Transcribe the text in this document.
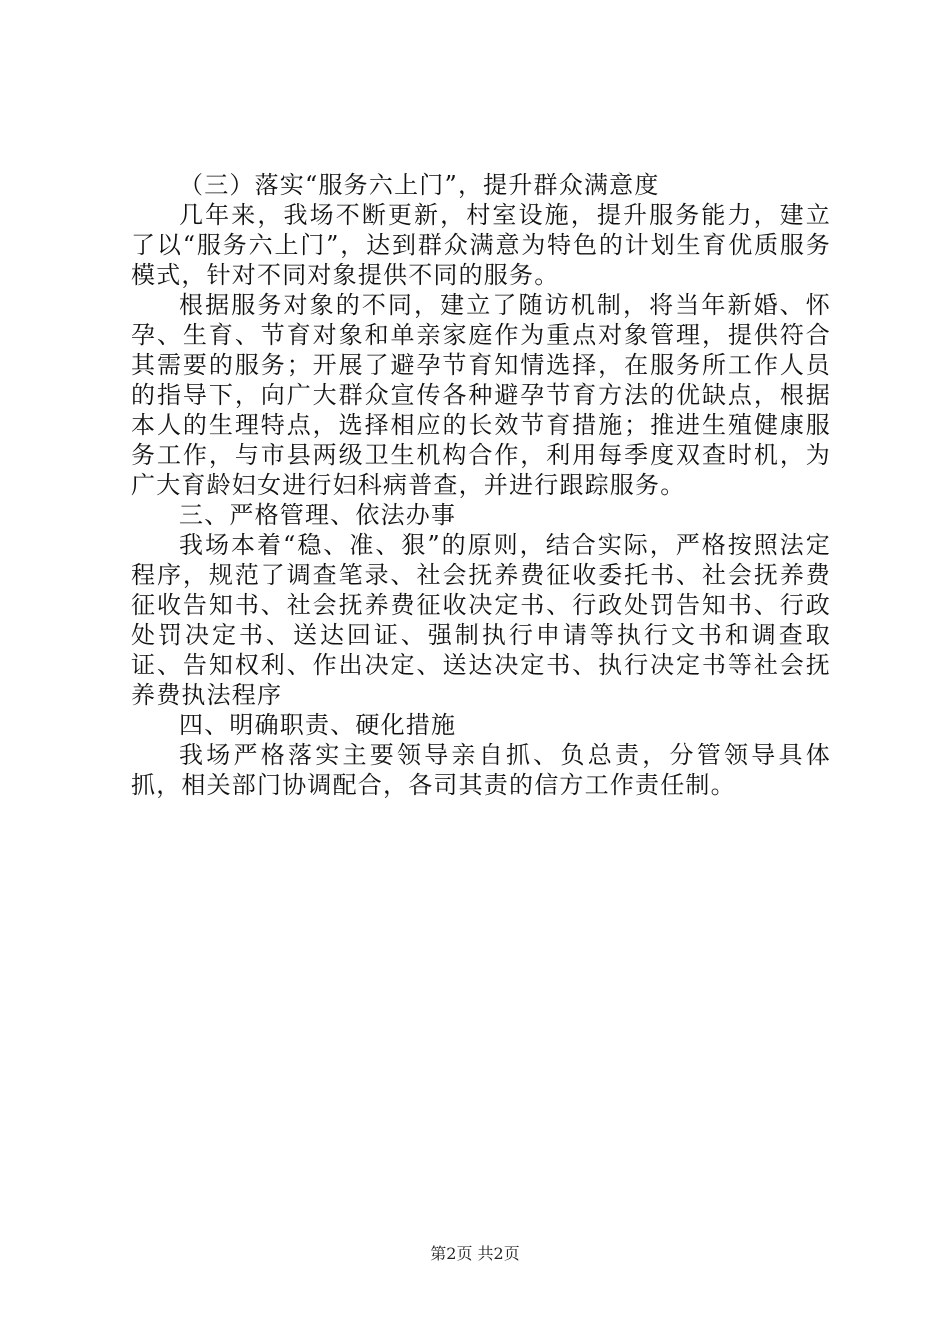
（三）落实“服务六上门”，提升群众满意度

几年来，我场不断更新，村室设施，提升服务能力，建立了以“服务六上门”，达到群众满意为特色的计划生育优质服务模式，针对不同对象提供不同的服务。

根据服务对象的不同，建立了随访机制，将当年新婚、怀孕、生育、节育对象和单亲家庭作为重点对象管理，提供符合其需要的服务；开展了避孕节育知情选择，在服务所工作人员的指导下，向广大群众宣传各种避孕节育方法的优缺点，根据本人的生理特点，选择相应的长效节育措施；推进生殖健康服务工作，与市县两级卫生机构合作，利用每季度双查时机，为广大育龄妇女进行妇科病普查，并进行跟踪服务。

三、严格管理、依法办事

我场本着“稳、准、狠”的原则，结合实际，严格按照法定程序，规范了调查笔录、社会抚养费征收委托书、社会抚养费征收告知书、社会抚养费征收决定书、行政处罚告知书、行政处罚决定书、送达回证、强制执行申请等执行文书和调查取证、告知权利、作出决定、送达决定书、执行决定书等社会抚养费执法程序

四、明确职责、硬化措施

我场严格落实主要领导亲自抓、负总责，分管领导具体抓，相关部门协调配合，各司其责的信方工作责任制。

第2页 共2页
